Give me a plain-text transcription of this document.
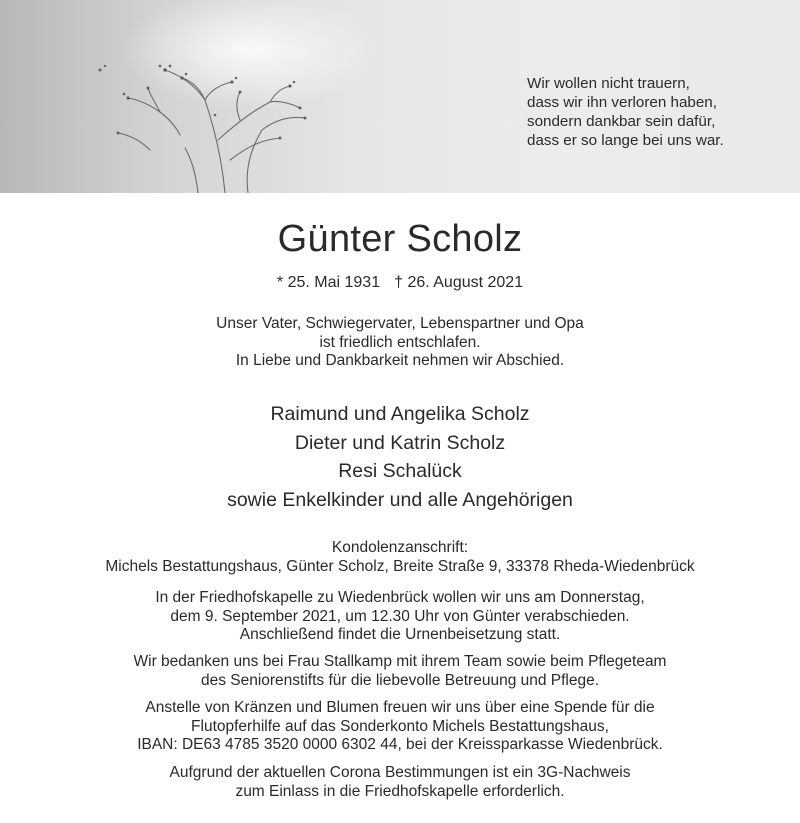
Wir wollen nicht trauern,
dass wir ihn verloren haben,
sondern dankbar sein dafür,
dass er so lange bei uns war.
Günter Scholz
* 25. Mai 1931 † 26. August 2021
Unser Vater, Schwiegervater, Lebenspartner und Opa
ist friedlich entschlafen.
In Liebe und Dankbarkeit nehmen wir Abschied.
Raimund und Angelika Scholz
Dieter und Katrin Scholz
Resi Schalück
sowie Enkelkinder und alle Angehörigen
Kondolenzanschrift:
Michels Bestattungshaus, Günter Scholz, Breite Straße 9, 33378 Rheda-Wiedenbrück
In der Friedhofskapelle zu Wiedenbrück wollen wir uns am Donnerstag,
dem 9. September 2021, um 12.30 Uhr von Günter verabschieden.
Anschließend findet die Urnenbeisetzung statt.
Wir bedanken uns bei Frau Stallkamp mit ihrem Team sowie beim Pflegeteam
des Seniorenstifts für die liebevolle Betreuung und Pflege.
Anstelle von Kränzen und Blumen freuen wir uns über eine Spende für die
Flutopferhilfe auf das Sonderkonto Michels Bestattungshaus,
IBAN: DE63 4785 3520 0000 6302 44, bei der Kreissparkasse Wiedenbrück.
Aufgrund der aktuellen Corona Bestimmungen ist ein 3G-Nachweis
zum Einlass in die Friedhofskapelle erforderlich.
